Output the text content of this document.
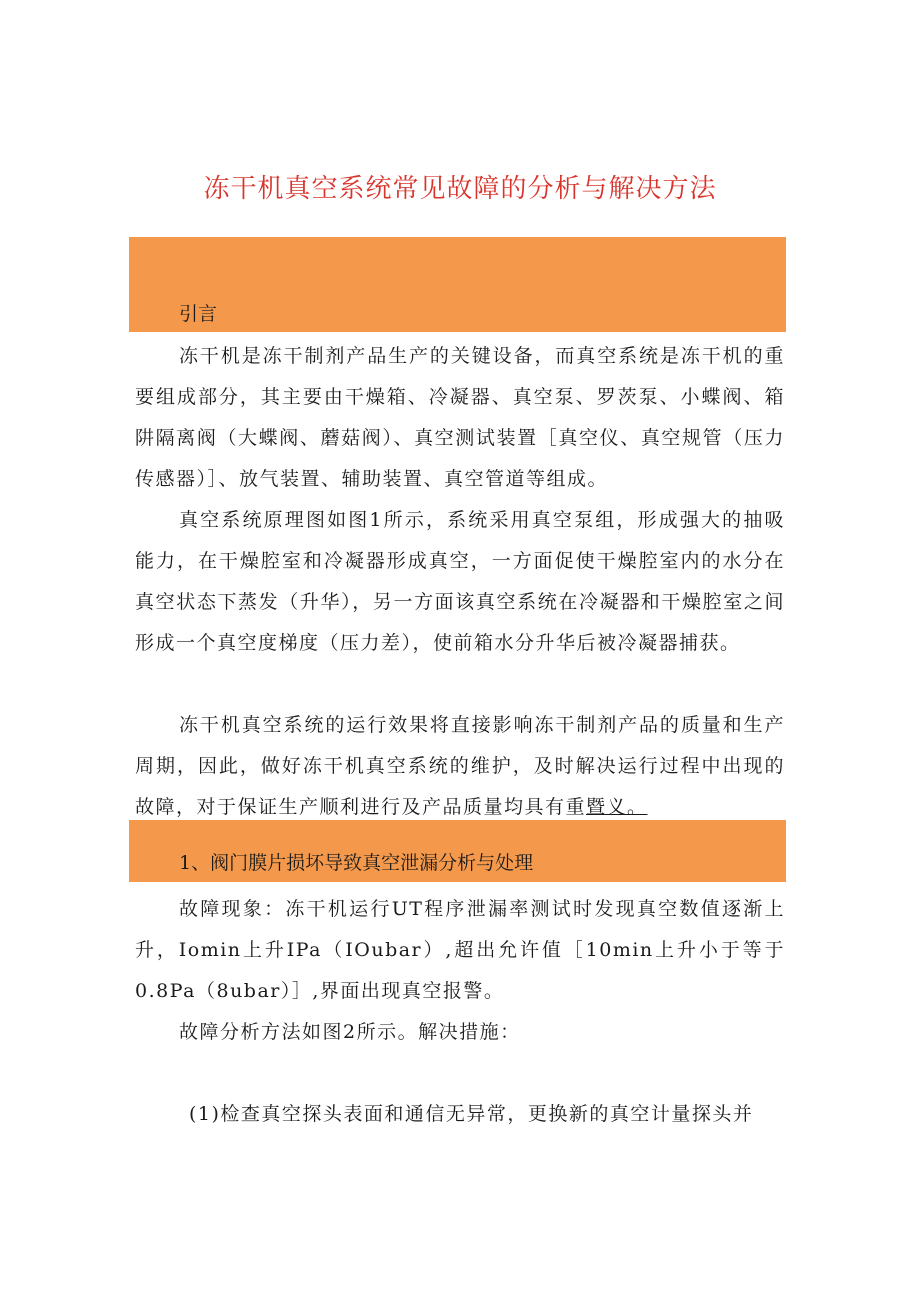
冻干机真空系统常见故障的分析与解决方法
引言

冻干机是冻干制剂产品生产的关键设备，而真空系统是冻干机的重要组成部分，其主要由干燥箱、冷凝器、真空泵、罗茨泵、小蝶阀、箱阱隔离阀（大蝶阀、蘑菇阀）、真空测试装置［真空仪、真空规管（压力传感器）］、放气装置、辅助装置、真空管道等组成。

真空系统原理图如图1所示，系统采用真空泵组，形成强大的抽吸能力，在干燥腔室和冷凝器形成真空，一方面促使干燥腔室内的水分在真空状态下蒸发（升华），另一方面该真空系统在冷凝器和干燥腔室之间形成一个真空度梯度（压力差），使前箱水分升华后被冷凝器捕获。

冻干机真空系统的运行效果将直接影响冻干制剂产品的质量和生产周期，因此，做好冻干机真空系统的维护，及时解决运行过程中出现的故障，对于保证生产顺利进行及产品质量均具有重暨义。

1、阀门膜片损坏导致真空泄漏分析与处理

故障现象：冻干机运行UT程序泄漏率测试时发现真空数值逐渐上升，Iomin上升IPa（IOubar）,超出允许值［10min上升小于等于0.8Pa（8ubar）］,界面出现真空报警。

故障分析方法如图2所示。解决措施：

(1)检查真空探头表面和通信无异常，更换新的真空计量探头并
